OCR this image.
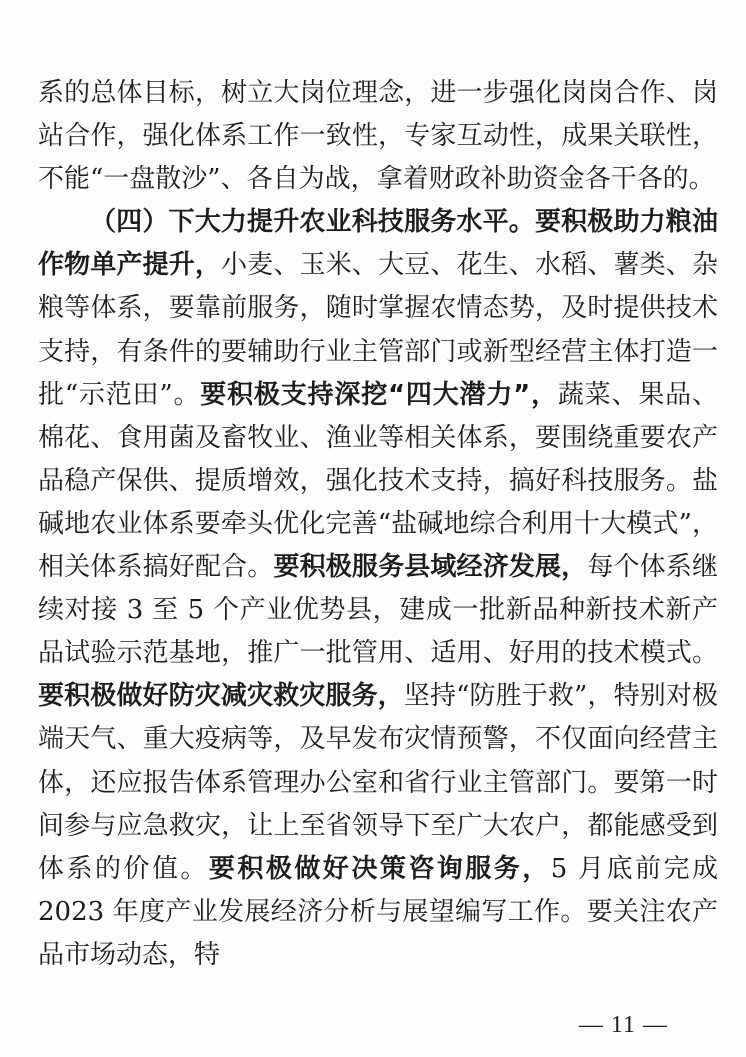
系的总体目标，树立大岗位理念，进一步强化岗岗合作、岗站合作，强化体系工作一致性，专家互动性，成果关联性，不能“一盘散沙”、各自为战，拿着财政补助资金各干各的。

（四）下大力提升农业科技服务水平。要积极助力粮油作物单产提升，小麦、玉米、大豆、花生、水稻、薯类、杂粮等体系，要靠前服务，随时掌握农情态势，及时提供技术支持，有条件的要辅助行业主管部门或新型经营主体打造一批“示范田”。要积极支持深挖“四大潜力”，蔬菜、果品、棉花、食用菌及畜牧业、渔业等相关体系，要围绕重要农产品稳产保供、提质增效，强化技术支持，搞好科技服务。盐碱地农业体系要牵头优化完善“盐碱地综合利用十大模式”，相关体系搞好配合。要积极服务县域经济发展，每个体系继续对接 3 至 5 个产业优势县，建成一批新品种新技术新产品试验示范基地，推广一批管用、适用、好用的技术模式。要积极做好防灾减灾救灾服务，坚持“防胜于救”，特别对极端天气、重大疫病等，及早发布灾情预警，不仅面向经营主体，还应报告体系管理办公室和省行业主管部门。要第一时间参与应急救灾，让上至省领导下至广大农户，都能感受到体系的价值。要积极做好决策咨询服务，5 月底前完成 2023 年度产业发展经济分析与展望编写工作。要关注农产品市场动态，特

— 11 —
